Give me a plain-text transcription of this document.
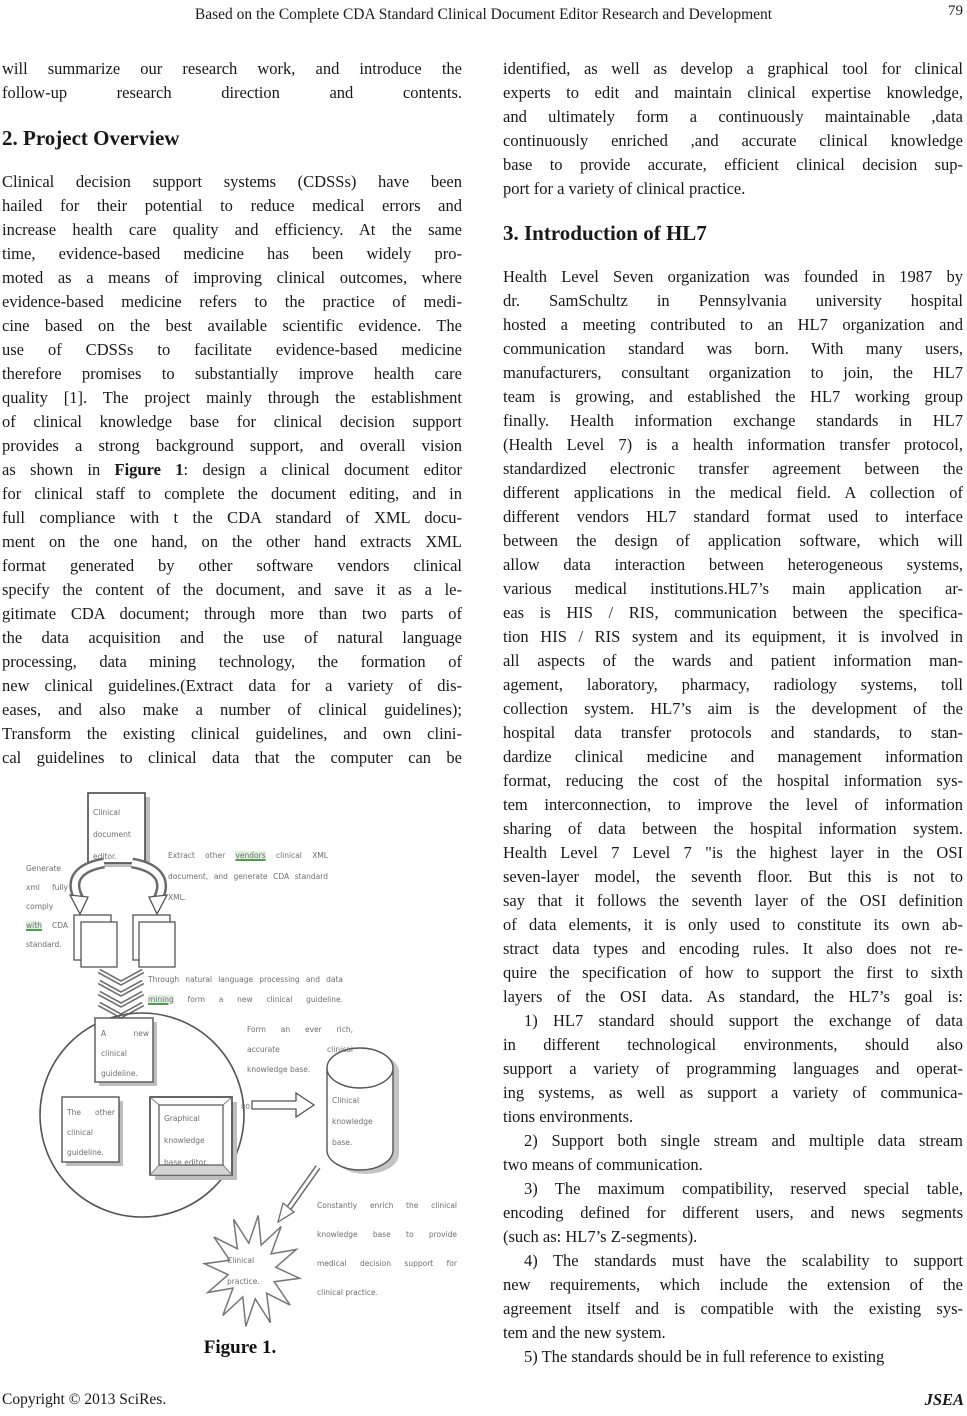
Based on the Complete CDA Standard Clinical Document Editor Research and Development	79
will summarize our research work, and introduce the
follow-up research direction and contents.
2. Project Overview
Clinical decision support systems (CDSSs) have been
hailed for their potential to reduce medical errors and
increase health care quality and efficiency. At the same
time, evidence-based medicine has been widely pro-
moted as a means of improving clinical outcomes, where
evidence-based medicine refers to the practice of medi-
cine based on the best available scientific evidence. The
use of CDSSs to facilitate evidence-based medicine
therefore promises to substantially improve health care
quality [1]. The project mainly through the establishment
of clinical knowledge base for clinical decision support
provides a strong background support, and overall vision
as shown in Figure 1: design a clinical document editor
for clinical staff to complete the document editing, and in
full compliance with t the CDA standard of XML docu-
ment on the one hand, on the other hand extracts XML
format generated by other software vendors clinical
specify the content of the document, and save it as a le-
gitimate CDA document; through more than two parts of
the data acquisition and the use of natural language
processing, data mining technology, the formation of
new clinical guidelines.(Extract data for a variety of dis-
eases, and also make a number of clinical guidelines);
Transform the existing clinical guidelines, and own clini-
cal guidelines to clinical data that the computer can be
Clinical
document
editor.
Generate
xml fully
comply
with CDA
standard.
Extract other vendors clinical XML
document, and generate CDA standard
XML.
Through natural language processing and data
mining form a new clinical guideline.
A new
clinical
guideline.
The other
clinical
guideline.
Graphical
knowledge
base editor.
Form an ever rich,
accurate clinical
knowledge base.
Clinical
knowledge
base.
80
Constantly enrich the clinical
knowledge base to provide
medical decision support for
clinical practice.
Clinical
practice.
Figure 1.
identified, as well as develop a graphical tool for clinical
experts to edit and maintain clinical expertise knowledge,
and ultimately form a continuously maintainable ,data
continuously enriched ,and accurate clinical knowledge
base to provide accurate, efficient clinical decision sup-
port for a variety of clinical practice.
3. Introduction of HL7
Health Level Seven organization was founded in 1987 by
dr. SamSchultz in Pennsylvania university hospital
hosted a meeting contributed to an HL7 organization and
communication standard was born. With many users,
manufacturers, consultant organization to join, the HL7
team is growing, and established the HL7 working group
finally. Health information exchange standards in HL7
(Health Level 7) is a health information transfer protocol,
standardized electronic transfer agreement between the
different applications in the medical field. A collection of
different vendors HL7 standard format used to interface
between the design of application software, which will
allow data interaction between heterogeneous systems,
various medical institutions.HL7’s main application ar-
eas is HIS / RIS, communication between the specifica-
tion HIS / RIS system and its equipment, it is involved in
all aspects of the wards and patient information man-
agement, laboratory, pharmacy, radiology systems, toll
collection system. HL7’s aim is the development of the
hospital data transfer protocols and standards, to stan-
dardize clinical medicine and management information
format, reducing the cost of the hospital information sys-
tem interconnection, to improve the level of information
sharing of data between the hospital information system.
Health Level 7 Level 7 "is the highest layer in the OSI
seven-layer model, the seventh floor. But this is not to
say that it follows the seventh layer of the OSI definition
of data elements, it is only used to constitute its own ab-
stract data types and encoding rules. It also does not re-
quire the specification of how to support the first to sixth
layers of the OSI data. As standard, the HL7’s goal is:
1) HL7 standard should support the exchange of data
in different technological environments, should also
support a variety of programming languages and operat-
ing systems, as well as support a variety of communica-
tions environments.
2) Support both single stream and multiple data stream
two means of communication.
3) The maximum compatibility, reserved special table,
encoding defined for different users, and news segments
(such as: HL7’s Z-segments).
4) The standards must have the scalability to support
new requirements, which include the extension of the
agreement itself and is compatible with the existing sys-
tem and the new system.
5) The standards should be in full reference to existing
Copyright © 2013 SciRes.	JSEA
